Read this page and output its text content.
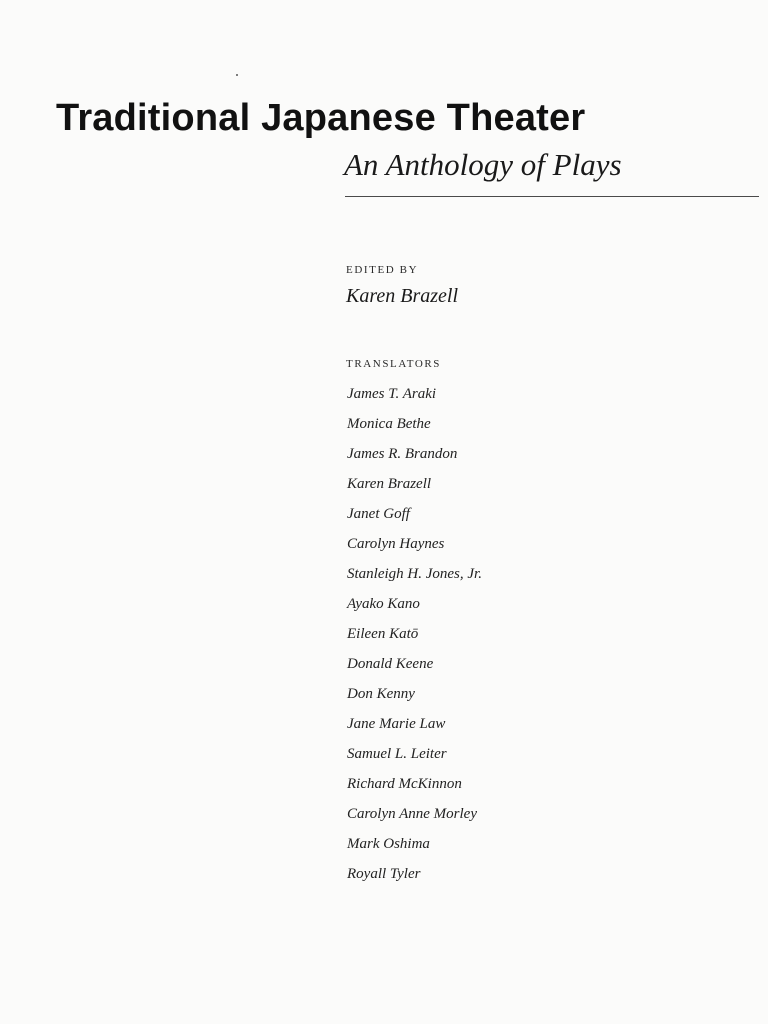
Traditional Japanese Theater
An Anthology of Plays
EDITED BY
Karen Brazell
TRANSLATORS
James T. Araki
Monica Bethe
James R. Brandon
Karen Brazell
Janet Goff
Carolyn Haynes
Stanleigh H. Jones, Jr.
Ayako Kano
Eileen Katō
Donald Keene
Don Kenny
Jane Marie Law
Samuel L. Leiter
Richard McKinnon
Carolyn Anne Morley
Mark Oshima
Royall Tyler
